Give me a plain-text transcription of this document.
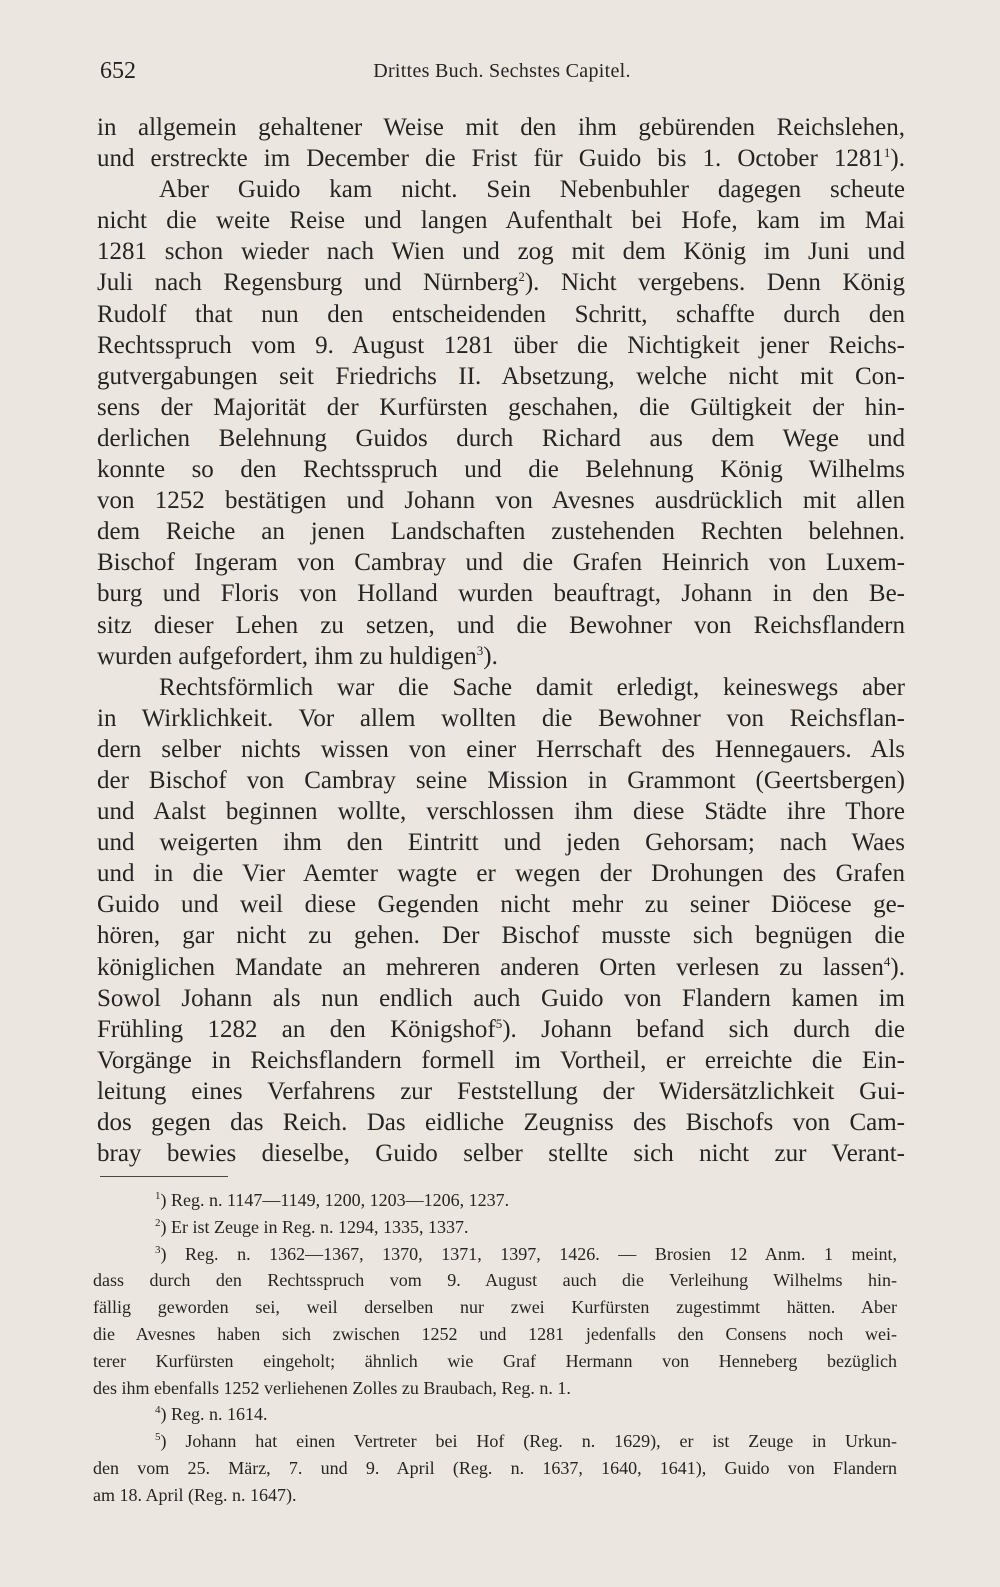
652	Drittes Buch. Sechstes Capitel.
in allgemein gehaltener Weise mit den ihm gebürenden Reichslehen,
und erstreckte im December die Frist für Guido bis 1. October 1281$^1$).
Aber Guido kam nicht. Sein Nebenbuhler dagegen scheute
nicht die weite Reise und langen Aufenthalt bei Hofe, kam im Mai
1281 schon wieder nach Wien und zog mit dem König im Juni und
Juli nach Regensburg und Nürnberg$^2$). Nicht vergebens. Denn König
Rudolf that nun den entscheidenden Schritt, schaffte durch den
Rechtsspruch vom 9. August 1281 über die Nichtigkeit jener Reichs-
gutvergabungen seit Friedrichs II. Absetzung, welche nicht mit Con-
sens der Majorität der Kurfürsten geschahen, die Gültigkeit der hin-
derlichen Belehnung Guidos durch Richard aus dem Wege und
konnte so den Rechtsspruch und die Belehnung König Wilhelms
von 1252 bestätigen und Johann von Avesnes ausdrücklich mit allen
dem Reiche an jenen Landschaften zustehenden Rechten belehnen.
Bischof Ingeram von Cambray und die Grafen Heinrich von Luxem-
burg und Floris von Holland wurden beauftragt, Johann in den Be-
sitz dieser Lehen zu setzen, und die Bewohner von Reichsflandern
wurden aufgefordert, ihm zu huldigen$^3$).
Rechtsförmlich war die Sache damit erledigt, keineswegs aber
in Wirklichkeit. Vor allem wollten die Bewohner von Reichsflan-
dern selber nichts wissen von einer Herrschaft des Hennegauers. Als
der Bischof von Cambray seine Mission in Grammont (Geertsbergen)
und Aalst beginnen wollte, verschlossen ihm diese Städte ihre Thore
und weigerten ihm den Eintritt und jeden Gehorsam; nach Waes
und in die Vier Aemter wagte er wegen der Drohungen des Grafen
Guido und weil diese Gegenden nicht mehr zu seiner Diöcese ge-
hören, gar nicht zu gehen. Der Bischof musste sich begnügen die
königlichen Mandate an mehreren anderen Orten verlesen zu lassen$^4$).
Sowol Johann als nun endlich auch Guido von Flandern kamen im
Frühling 1282 an den Königshof$^5$). Johann befand sich durch die
Vorgänge in Reichsflandern formell im Vortheil, er erreichte die Ein-
leitung eines Verfahrens zur Feststellung der Widersätzlichkeit Gui-
dos gegen das Reich. Das eidliche Zeugniss des Bischofs von Cam-
bray bewies dieselbe, Guido selber stellte sich nicht zur Verant-
$^1$) Reg. n. 1147—1149, 1200, 1203—1206, 1237.
$^2$) Er ist Zeuge in Reg. n. 1294, 1335, 1337.
$^3$) Reg. n. 1362—1367, 1370, 1371, 1397, 1426. — Brosien 12 Anm. 1 meint,
dass durch den Rechtsspruch vom 9. August auch die Verleihung Wilhelms hin-
fällig geworden sei, weil derselben nur zwei Kurfürsten zugestimmt hätten. Aber
die Avesnes haben sich zwischen 1252 und 1281 jedenfalls den Consens noch wei-
terer Kurfürsten eingeholt; ähnlich wie Graf Hermann von Henneberg bezüglich
des ihm ebenfalls 1252 verliehenen Zolles zu Braubach, Reg. n. 1.
$^4$) Reg. n. 1614.
$^5$) Johann hat einen Vertreter bei Hof (Reg. n. 1629), er ist Zeuge in Urkun-
den vom 25. März, 7. und 9. April (Reg. n. 1637, 1640, 1641), Guido von Flandern
am 18. April (Reg. n. 1647).
